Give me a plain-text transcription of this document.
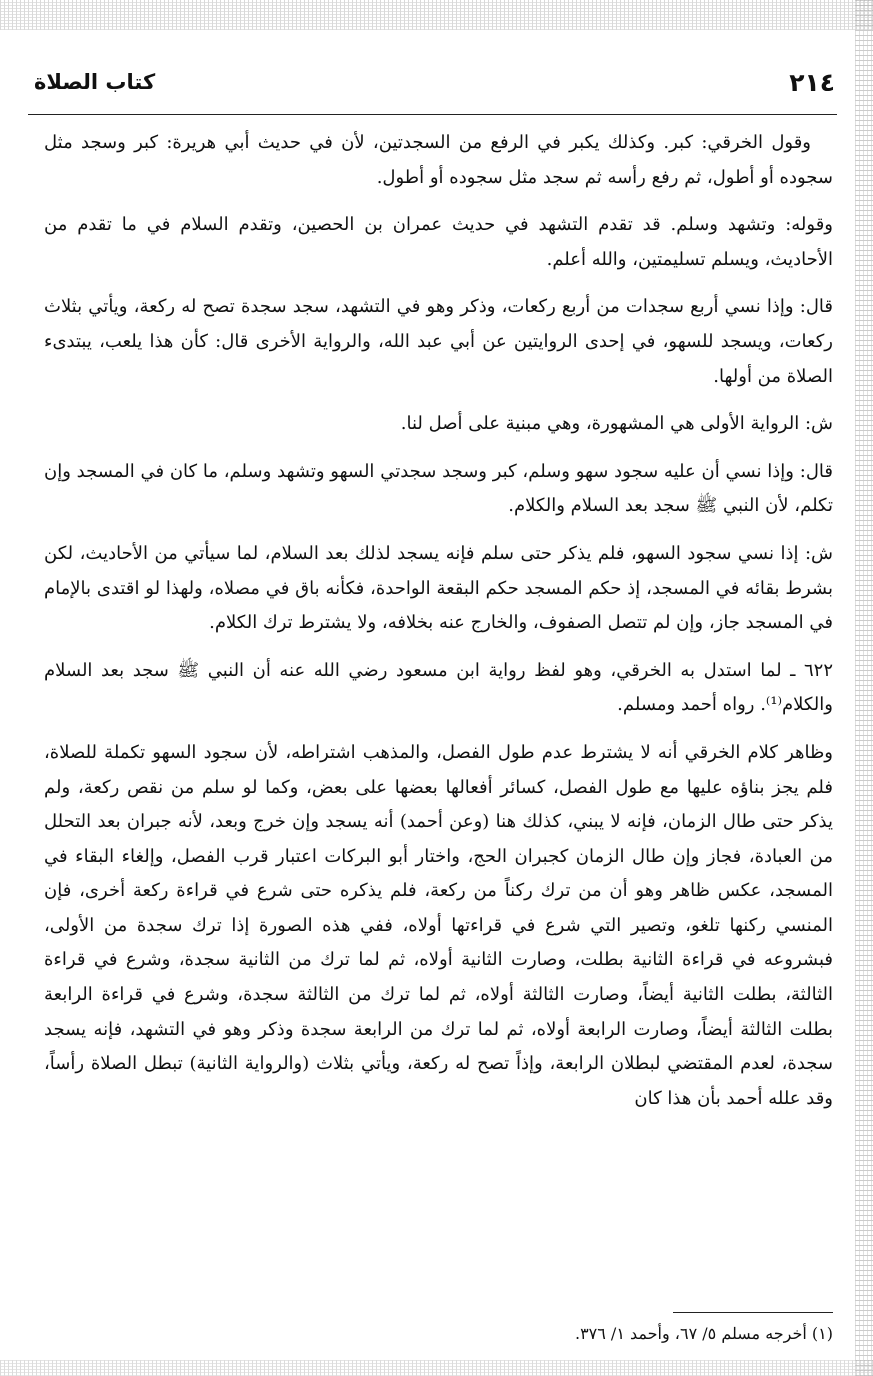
٢١٤
كتاب الصلاة

وقول الخرقي: كبر. وكذلك يكبر في الرفع من السجدتين، لأن في حديث أبي هريرة: كبر وسجد مثل سجوده أو أطول، ثم رفع رأسه ثم سجد مثل سجوده أو أطول.

وقوله: وتشهد وسلم. قد تقدم التشهد في حديث عمران بن الحصين، وتقدم السلام في ما تقدم من الأحاديث، ويسلم تسليمتين، والله أعلم.

قال: وإذا نسي أربع سجدات من أربع ركعات، وذكر وهو في التشهد، سجد سجدة تصح له ركعة، ويأتي بثلاث ركعات، ويسجد للسهو، في إحدى الروايتين عن أبي عبد الله، والرواية الأخرى قال: كأن هذا يلعب، يبتدىء الصلاة من أولها.

ش: الرواية الأولى هي المشهورة، وهي مبنية على أصل لنا.

قال: وإذا نسي أن عليه سجود سهو وسلم، كبر وسجد سجدتي السهو وتشهد وسلم، ما كان في المسجد وإن تكلم، لأن النبي ﷺ سجد بعد السلام والكلام.

ش: إذا نسي سجود السهو، فلم يذكر حتى سلم فإنه يسجد لذلك بعد السلام، لما سيأتي من الأحاديث، لكن بشرط بقائه في المسجد، إذ حكم المسجد حكم البقعة الواحدة، فكأنه باق في مصلاه، ولهذا لو اقتدى بالإمام في المسجد جاز، وإن لم تتصل الصفوف، والخارج عنه بخلافه، ولا يشترط ترك الكلام.

٦٢٢ ـ لما استدل به الخرقي، وهو لفظ رواية ابن مسعود رضي الله عنه أن النبي ﷺ سجد بعد السلام والكلام⁽¹⁾. رواه أحمد ومسلم.

وظاهر كلام الخرقي أنه لا يشترط عدم طول الفصل، والمذهب اشتراطه، لأن سجود السهو تكملة للصلاة، فلم يجز بناؤه عليها مع طول الفصل، كسائر أفعالها بعضها على بعض، وكما لو سلم من نقص ركعة، ولم يذكر حتى طال الزمان، فإنه لا يبني، كذلك هنا (وعن أحمد) أنه يسجد وإن خرج وبعد، لأنه جبران بعد التحلل من العبادة، فجاز وإن طال الزمان كجبران الحج، واختار أبو البركات اعتبار قرب الفصل، وإلغاء البقاء في المسجد، عكس ظاهر وهو أن من ترك ركناً من ركعة، فلم يذكره حتى شرع في قراءة ركعة أخرى، فإن المنسي ركنها تلغو، وتصير التي شرع في قراءتها أولاه، ففي هذه الصورة إذا ترك سجدة من الأولى، فبشروعه في قراءة الثانية بطلت، وصارت الثانية أولاه، ثم لما ترك من الثانية سجدة، وشرع في قراءة الثالثة، بطلت الثانية أيضاً، وصارت الثالثة أولاه، ثم لما ترك من الثالثة سجدة، وشرع في قراءة الرابعة بطلت الثالثة أيضاً، وصارت الرابعة أولاه، ثم لما ترك من الرابعة سجدة وذكر وهو في التشهد، فإنه يسجد سجدة، لعدم المقتضي لبطلان الرابعة، وإذاً تصح له ركعة، ويأتي بثلاث (والرواية الثانية) تبطل الصلاة رأساً، وقد علله أحمد بأن هذا كان

(١) أخرجه مسلم ٥/ ٦٧، وأحمد ١/ ٣٧٦.
